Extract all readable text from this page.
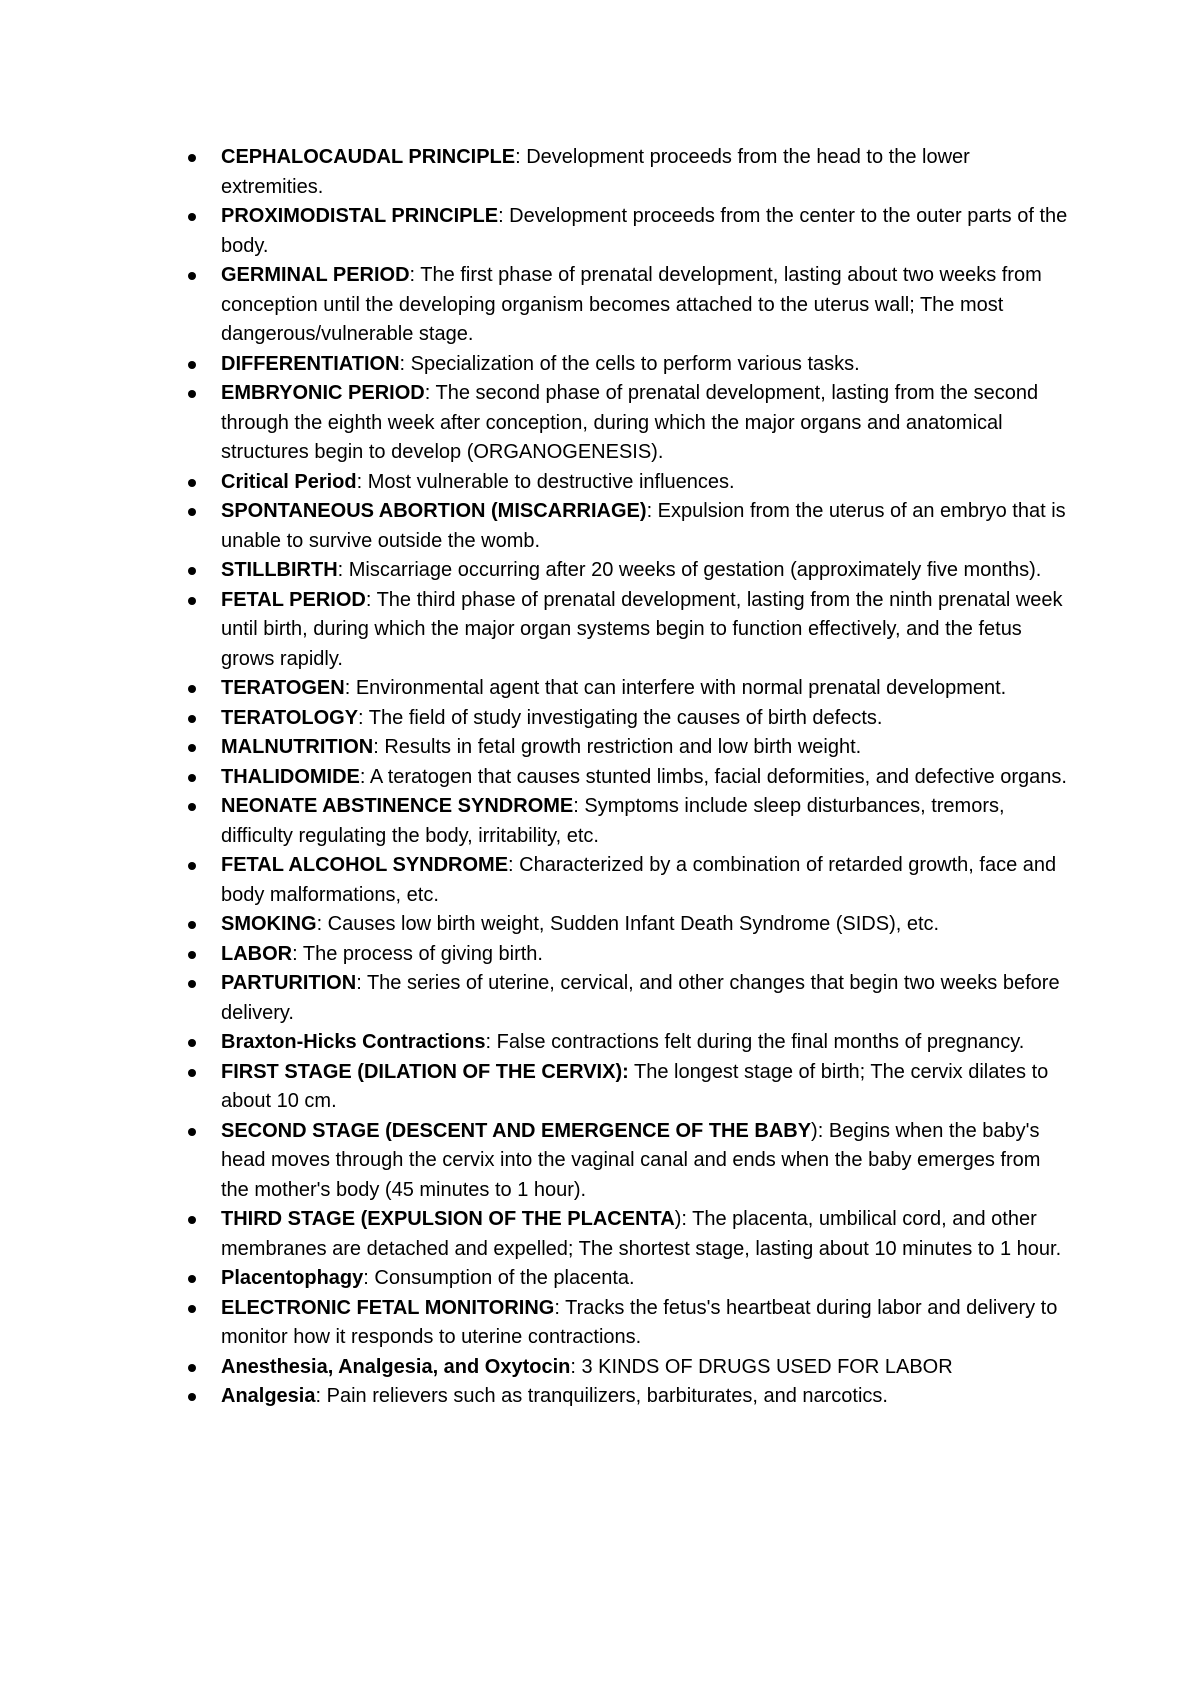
CEPHALOCAUDAL PRINCIPLE: Development proceeds from the head to the lower extremities.
PROXIMODISTAL PRINCIPLE: Development proceeds from the center to the outer parts of the body.
GERMINAL PERIOD: The first phase of prenatal development, lasting about two weeks from conception until the developing organism becomes attached to the uterus wall; The most dangerous/vulnerable stage.
DIFFERENTIATION: Specialization of the cells to perform various tasks.
EMBRYONIC PERIOD: The second phase of prenatal development, lasting from the second through the eighth week after conception, during which the major organs and anatomical structures begin to develop (ORGANOGENESIS).
Critical Period: Most vulnerable to destructive influences.
SPONTANEOUS ABORTION (MISCARRIAGE): Expulsion from the uterus of an embryo that is unable to survive outside the womb.
STILLBIRTH: Miscarriage occurring after 20 weeks of gestation (approximately five months).
FETAL PERIOD: The third phase of prenatal development, lasting from the ninth prenatal week until birth, during which the major organ systems begin to function effectively, and the fetus grows rapidly.
TERATOGEN: Environmental agent that can interfere with normal prenatal development.
TERATOLOGY: The field of study investigating the causes of birth defects.
MALNUTRITION: Results in fetal growth restriction and low birth weight.
THALIDOMIDE: A teratogen that causes stunted limbs, facial deformities, and defective organs.
NEONATE ABSTINENCE SYNDROME: Symptoms include sleep disturbances, tremors, difficulty regulating the body, irritability, etc.
FETAL ALCOHOL SYNDROME: Characterized by a combination of retarded growth, face and body malformations, etc.
SMOKING: Causes low birth weight, Sudden Infant Death Syndrome (SIDS), etc.
LABOR: The process of giving birth.
PARTURITION: The series of uterine, cervical, and other changes that begin two weeks before delivery.
Braxton-Hicks Contractions: False contractions felt during the final months of pregnancy.
FIRST STAGE (DILATION OF THE CERVIX): The longest stage of birth; The cervix dilates to about 10 cm.
SECOND STAGE (DESCENT AND EMERGENCE OF THE BABY): Begins when the baby's head moves through the cervix into the vaginal canal and ends when the baby emerges from the mother's body (45 minutes to 1 hour).
THIRD STAGE (EXPULSION OF THE PLACENTA): The placenta, umbilical cord, and other membranes are detached and expelled; The shortest stage, lasting about 10 minutes to 1 hour.
Placentophagy: Consumption of the placenta.
ELECTRONIC FETAL MONITORING: Tracks the fetus's heartbeat during labor and delivery to monitor how it responds to uterine contractions.
Anesthesia, Analgesia, and Oxytocin: 3 KINDS OF DRUGS USED FOR LABOR
Analgesia: Pain relievers such as tranquilizers, barbiturates, and narcotics.
